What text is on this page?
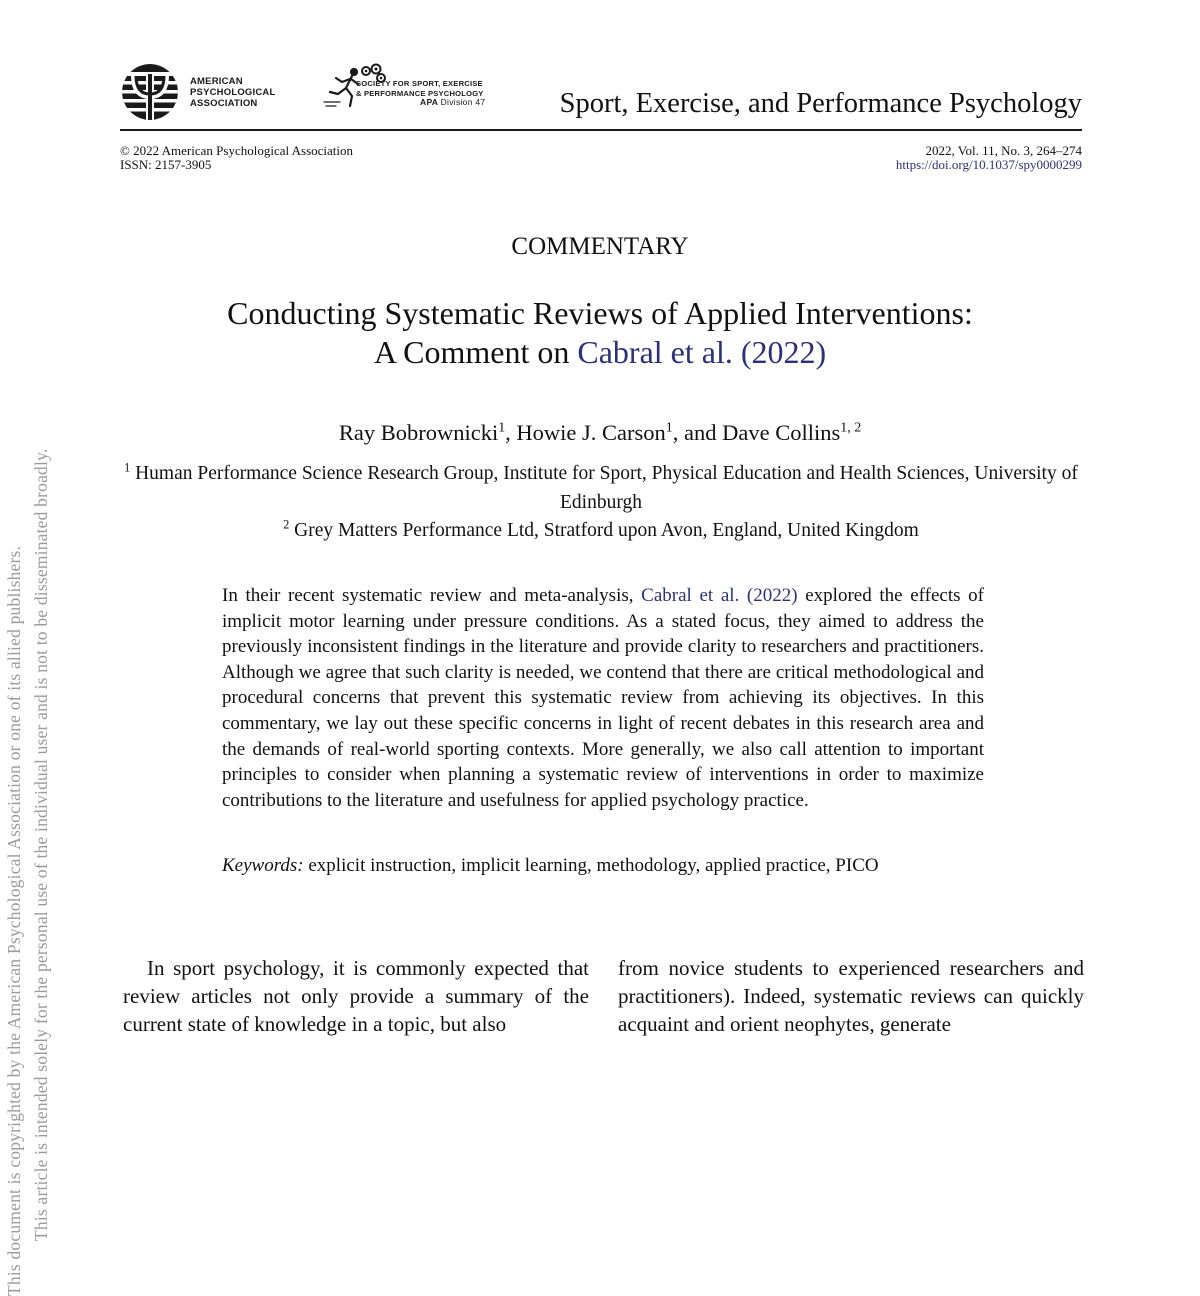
This document is copyrighted by the American Psychological Association or one of its allied publishers. This article is intended solely for the personal use of the individual user and is not to be disseminated broadly.
AMERICAN
PSYCHOLOGICAL
ASSOCIATION
SOCIETY FOR SPORT, EXERCISE
& PERFORMANCE PSYCHOLOGY
APA Division 47	Sport, Exercise, and Performance Psychology
© 2022 American Psychological Association
ISSN: 2157-3905
2022, Vol. 11, No. 3, 264–274
https://doi.org/10.1037/spy0000299
COMMENTARY
Conducting Systematic Reviews of Applied Interventions:
A Comment on Cabral et al. (2022)
Ray Bobrownicki$^1$, Howie J. Carson$^1$, and Dave Collins$^{1, 2}$
$^1$ Human Performance Science Research Group, Institute for Sport, Physical Education and Health Sciences, University of Edinburgh
$^2$ Grey Matters Performance Ltd, Stratford upon Avon, England, United Kingdom
In their recent systematic review and meta-analysis, Cabral et al. (2022) explored the effects of implicit motor learning under pressure conditions. As a stated focus, they aimed to address the previously inconsistent findings in the literature and provide clarity to researchers and practitioners. Although we agree that such clarity is needed, we contend that there are critical methodological and procedural concerns that prevent this systematic review from achieving its objectives. In this commentary, we lay out these specific concerns in light of recent debates in this research area and the demands of real-world sporting contexts. More generally, we also call attention to important principles to consider when planning a systematic review of interventions in order to maximize contributions to the literature and usefulness for applied psychology practice.
Keywords: explicit instruction, implicit learning, methodology, applied practice, PICO
In sport psychology, it is commonly expected that review articles not only provide a summary of the current state of knowledge in a topic, but also
from novice students to experienced researchers and practitioners). Indeed, systematic reviews can quickly acquaint and orient neophytes, generate
